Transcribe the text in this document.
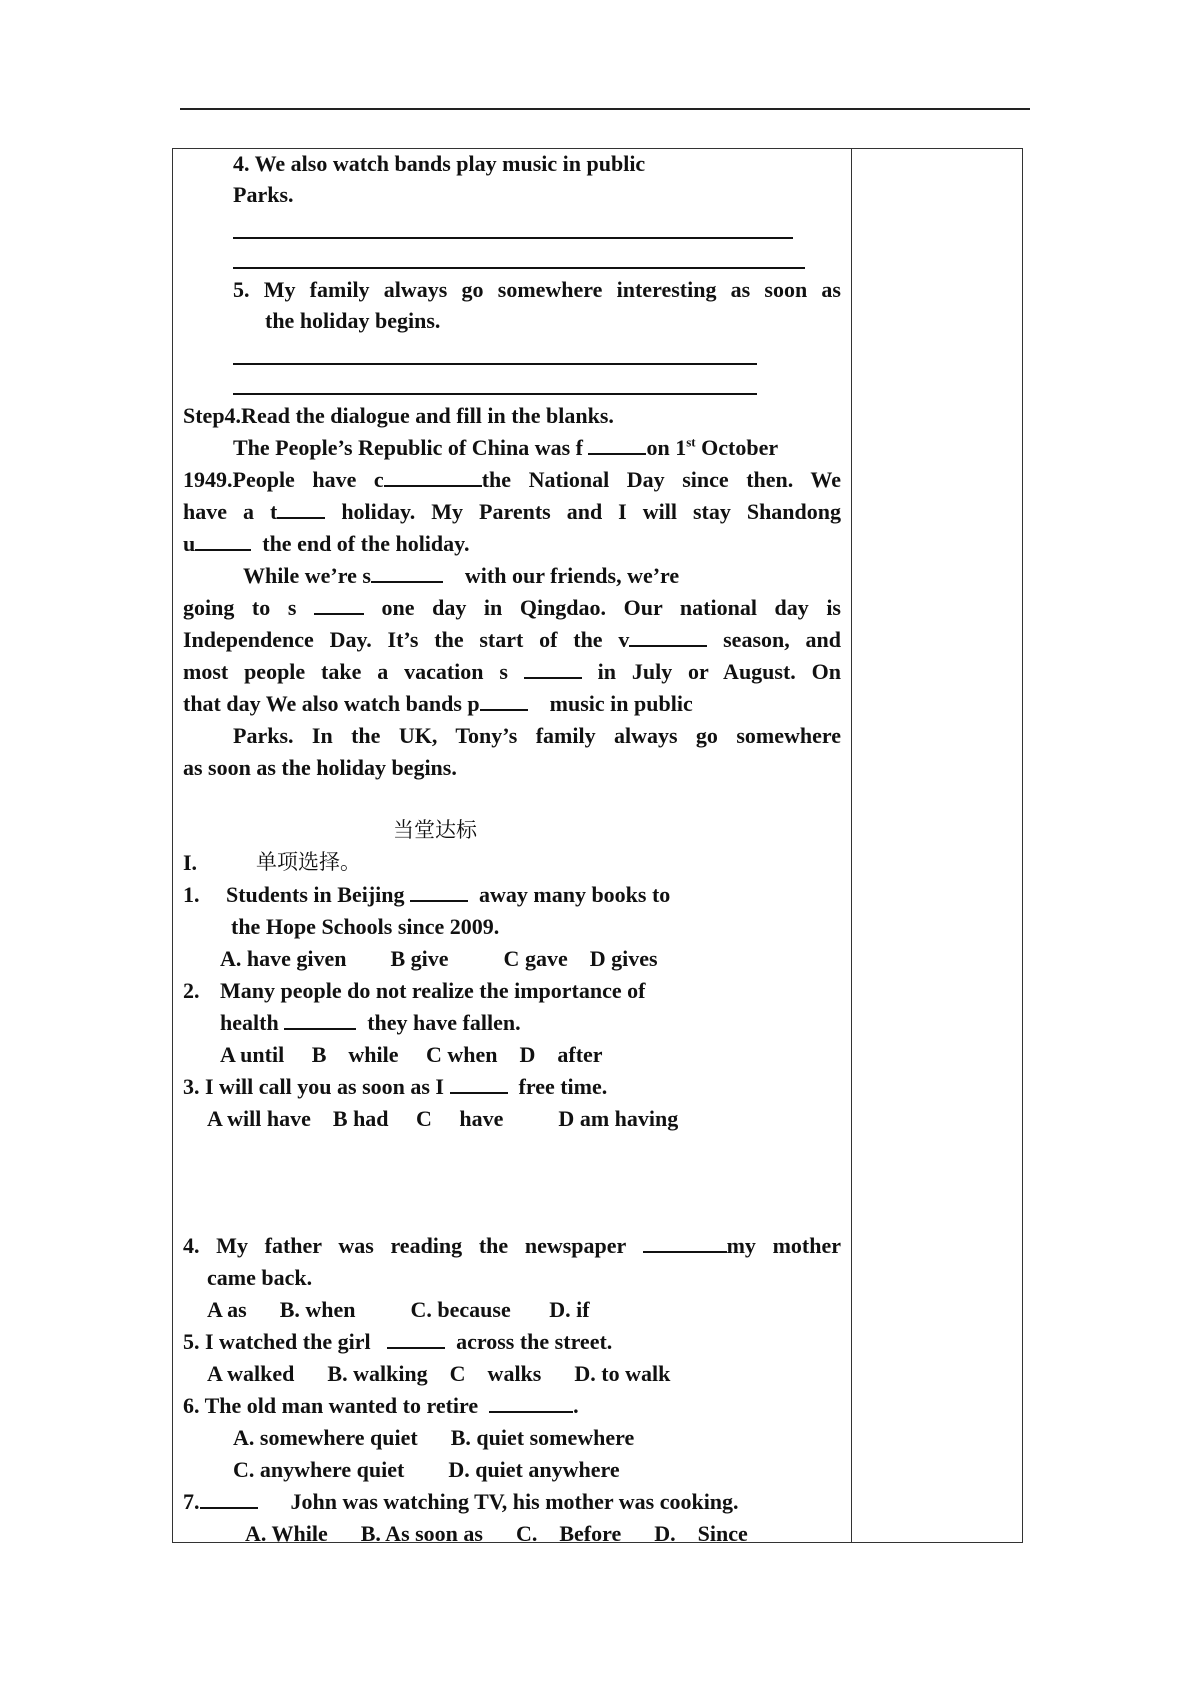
4. We also watch bands play music in public
Parks.
5. My family always go somewhere interesting as soon as
the holiday begins.
Step4.Read the dialogue and fill in the blanks.
The People’s Republic of China was f	on 1st October
1949.People have c	the National Day since then. We
have a t	holiday. My Parents and I will stay Shandong
u	the end of the holiday.
While we’re s	with our friends, we’re
going to s	one day in Qingdao. Our national day is
Independence Day. It’s the start of the v	season, and
most people take a vacation s	in July or August. On
that day We also watch bands p	music in public
Parks. In the UK, Tony’s family always go somewhere
as soon as the holiday begins.
当堂达标
I.	单项选择。
1. Students in Beijing	away many books to
the Hope Schools since 2009.
A. have given        B give          C gave    D gives
2. Many people do not realize the importance of
health	they have fallen.
A until     B    while     C when    D    after
3. I will call you as soon as I	free time.
A will have    B had     C     have          D am having
4. My father was reading the newspaper	my mother
came back.
A as      B. when          C. because       D. if
5. I watched the girl	across the street.
A walked      B. walking    C    walks      D. to walk
6. The old man wanted to retire	.
A. somewhere quiet      B. quiet somewhere
C. anywhere quiet        D. quiet anywhere
7.	John was watching TV, his mother was cooking.
A. While      B. As soon as      C.    Before      D.    Since
